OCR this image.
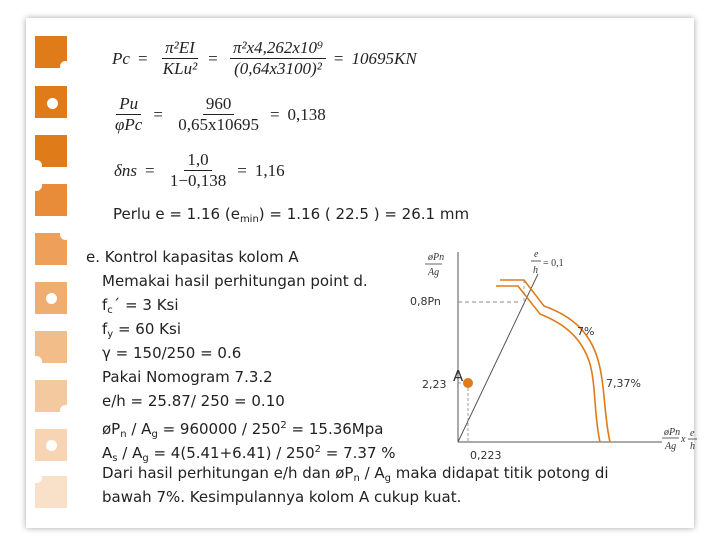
$Pc = \frac{\text{π²EI}}{\text{KLu²}} = \frac{\text{π²x4,262x10⁹}}{\text{(0,64x3100)²}} = 10695KN$
$\frac{Pu}{\text{φPc}} = \frac{960}{0,65x10695} = 0,138$
$\delta ns = \frac{1,0}{1-0,138} = 1,16$
Perlu e = 1.16 $(e_{min}) = 1.16$ ( 22.5 ) = 26.1 mm
e. Kontrol kapasitas kolom A
Memakai hasil perhitungan point d.
$f_c´ = 3$ Ksi
$f_y = 60$ Ksi
γ = 150/250 = 0.6
Pakai Nomogram 7.3.2
e/h = 25.87/ 250 = 0.10
$øP_n / A_g = 960000 / 250^2 = 15.36Mpa$
$A_s / A_g = 4(5.41+6.41) / 250^2 = 7.37$ %
Dari hasil perhitungan e/h dan $øP_n / A_g$ maka didapat titik potong di
bawah 7%. Kesimpulannya kolom A cukup kuat.
øPn
Ag
e
h
= 0,1
0,8Pn
7%
7,37%
A
2,23
0,223
øPn
Ag
x
e
h
